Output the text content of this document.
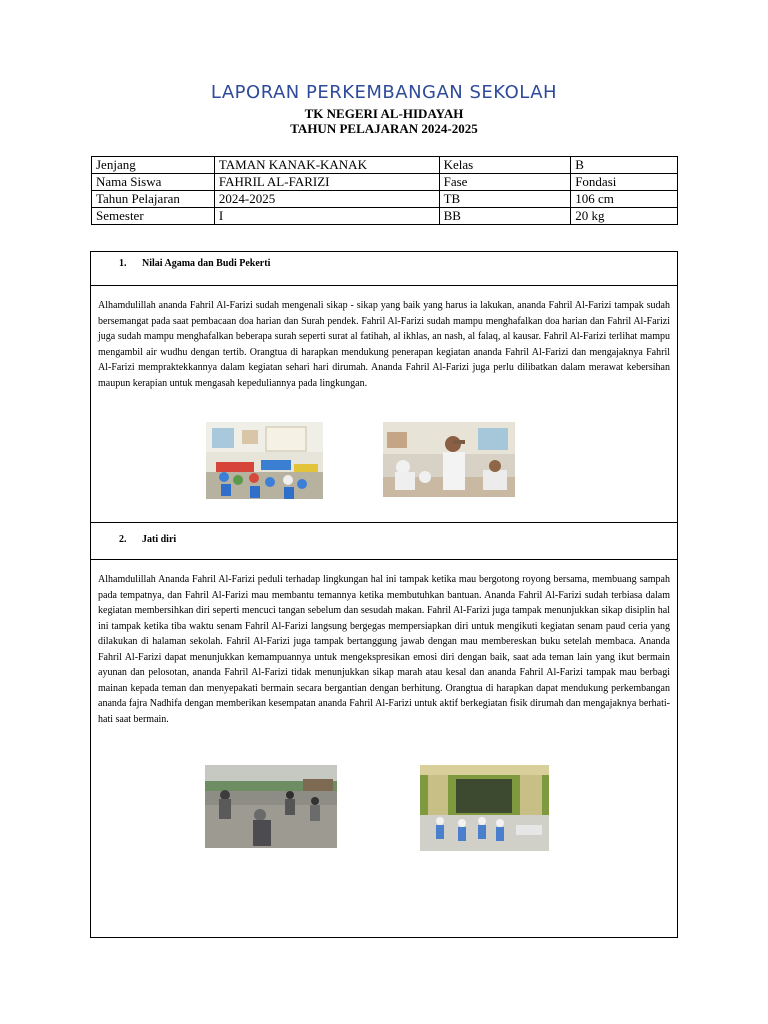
LAPORAN PERKEMBANGAN SEKOLAH
TK NEGERI AL-HIDAYAH
TAHUN PELAJARAN 2024-2025
Jenjang	TAMAN KANAK-KANAK	Kelas	B
Nama Siswa	FAHRIL AL-FARIZI	Fase	Fondasi
Tahun Pelajaran	2024-2025	TB	106 cm
Semester	I	BB	20 kg
1. Nilai Agama dan Budi Pekerti
Alhamdulillah ananda Fahril Al-Farizi sudah mengenali sikap - sikap yang baik yang harus ia lakukan, ananda Fahril Al-Farizi tampak sudah bersemangat pada saat pembacaan doa harian dan Surah pendek. Fahril Al-Farizi sudah mampu menghafalkan doa harian dan Fahril Al-Farizi juga sudah mampu menghafalkan beberapa surah seperti surat al fatihah, al ikhlas, an nash, al falaq, al kausar. Fahril Al-Farizi terlihat mampu mengambil air wudhu dengan tertib. Orangtua di harapkan mendukung penerapan kegiatan ananda Fahril Al-Farizi dan mengajaknya Fahril Al-Farizi mempraktekkannya dalam kegiatan sehari hari dirumah. Ananda Fahril Al-Farizi juga perlu dilibatkan dalam merawat kebersihan maupun kerapian untuk mengasah kepeduliannya pada lingkungan.
2. Jati diri
Alhamdulillah Ananda Fahril Al-Farizi peduli terhadap lingkungan hal ini tampak ketika mau bergotong royong bersama, membuang sampah pada tempatnya, dan Fahril Al-Farizi mau membantu temannya ketika membutuhkan bantuan. Ananda Fahril Al-Farizi sudah terbiasa dalam kegiatan membersihkan diri seperti mencuci tangan sebelum dan sesudah makan. Fahril Al-Farizi juga tampak menunjukkan sikap disiplin hal ini tampak ketika tiba waktu senam Fahril Al-Farizi langsung bergegas mempersiapkan diri untuk mengikuti kegiatan senam paud ceria yang dilakukan di halaman sekolah. Fahril Al-Farizi juga tampak bertanggung jawab dengan mau membereskan buku setelah membaca. Ananda Fahril Al-Farizi dapat menunjukkan kemampuannya untuk mengekspresikan emosi diri dengan baik, saat ada teman lain yang ikut bermain ayunan dan pelosotan, ananda Fahril Al-Farizi tidak menunjukkan sikap marah atau kesal dan ananda Fahril Al-Farizi tampak mau berbagi mainan kepada teman dan menyepakati bermain secara bergantian dengan berhitung. Orangtua di harapkan dapat mendukung perkembangan ananda fajra Nadhifa dengan memberikan kesempatan ananda Fahril Al-Farizi untuk aktif berkegiatan fisik dirumah dan mengajaknya berhati-hati saat bermain.
